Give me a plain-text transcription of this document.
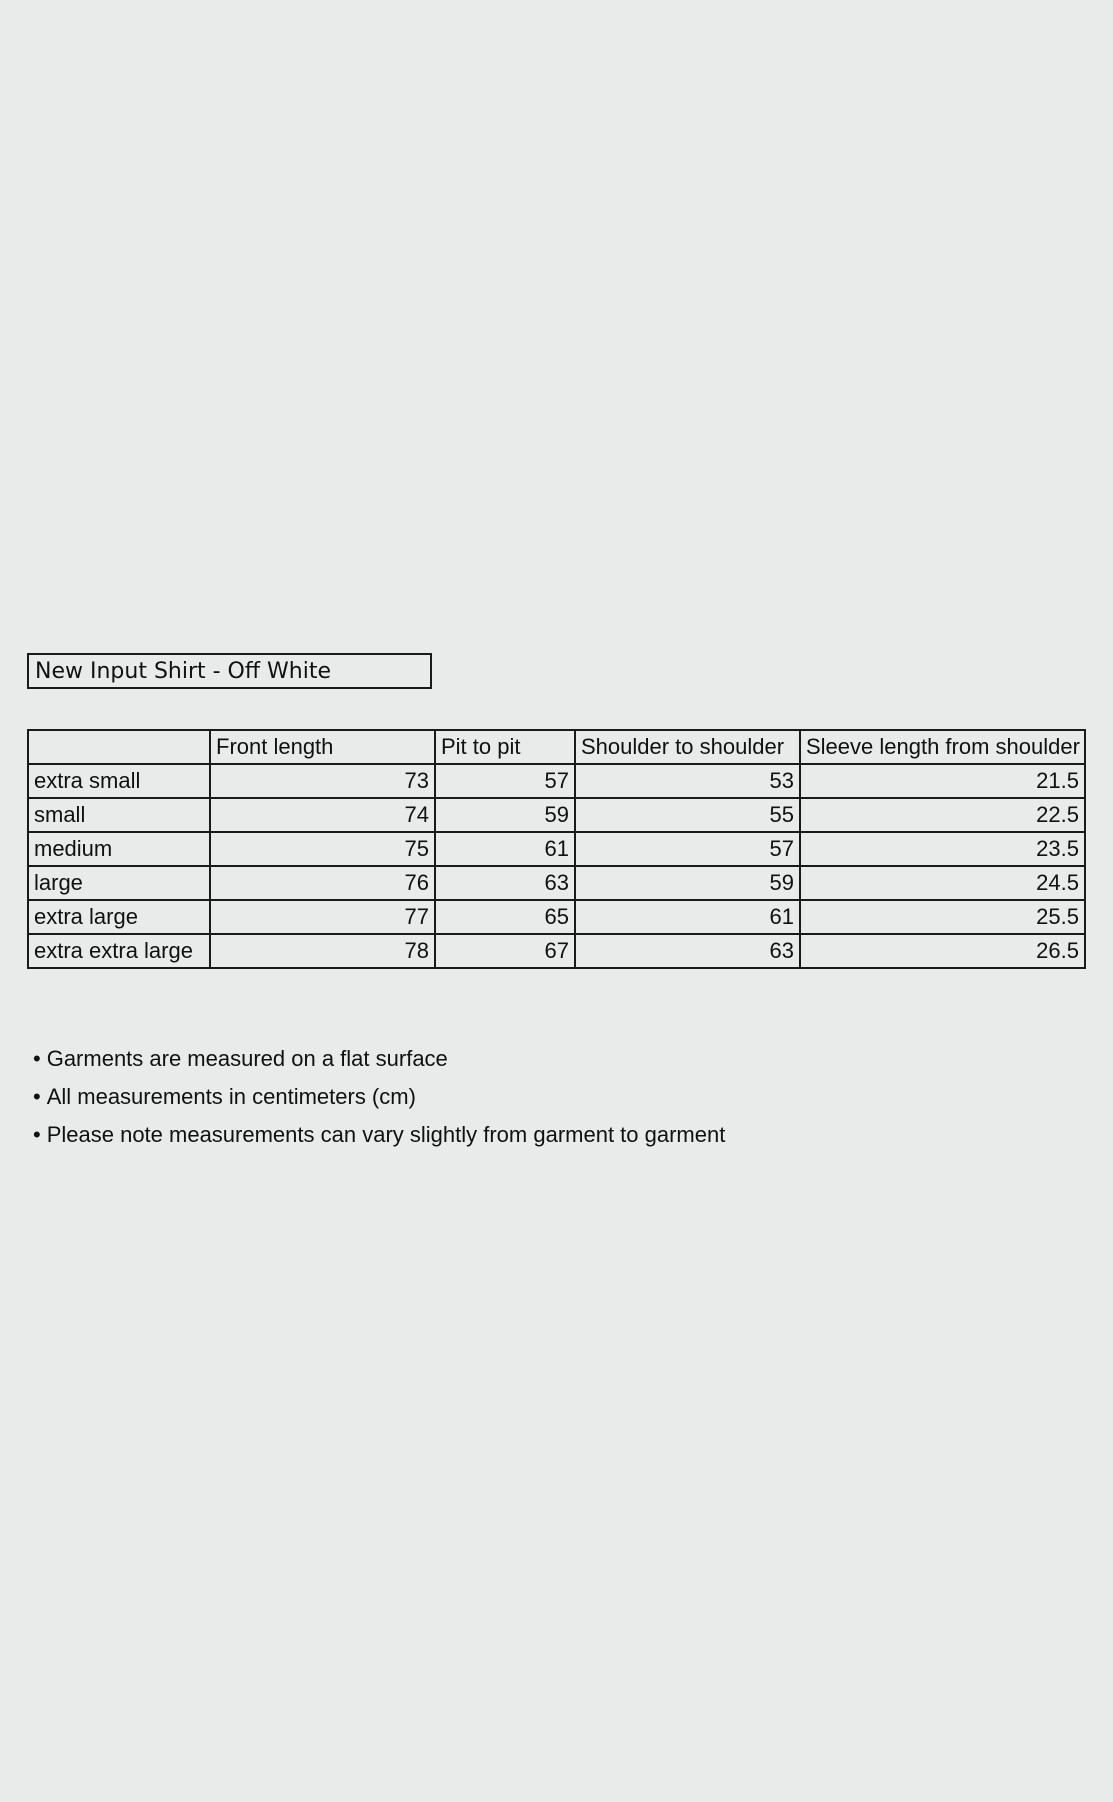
New Input Shirt - Off White
	Front length	Pit to pit	Shoulder to shoulder	Sleeve length from shoulder
extra small	73	57	53	21.5
small	74	59	55	22.5
medium	75	61	57	23.5
large	76	63	59	24.5
extra large	77	65	61	25.5
extra extra large	78	67	63	26.5
• Garments are measured on a flat surface
• All measurements in centimeters (cm)
• Please note measurements can vary slightly from garment to garment
